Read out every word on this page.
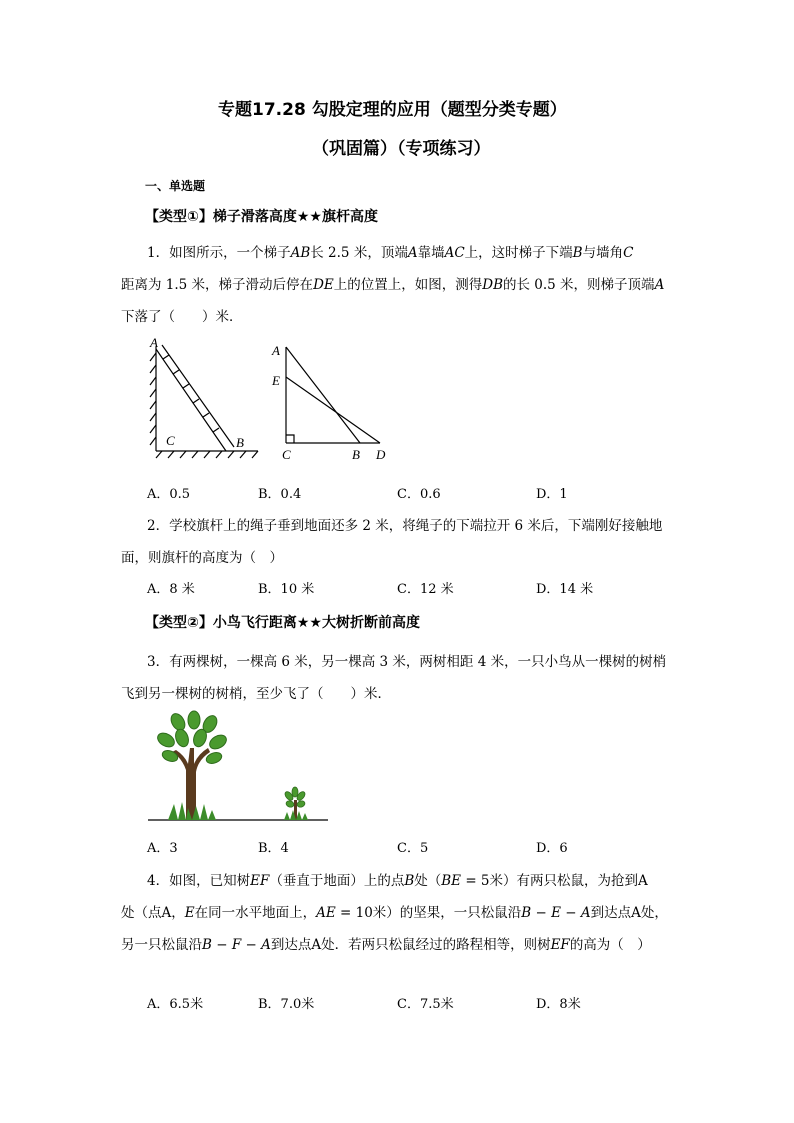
专题17.28 勾股定理的应用（题型分类专题）
（巩固篇）（专项练习）
一、单选题
【类型①】梯子滑落高度★★旗杆高度
1．如图所示，一个梯子AB长 2.5 米，顶端A靠墙AC上，这时梯子下端B与墙角C
距离为 1.5 米，梯子滑动后停在DE上的位置上，如图，测得DB的长 0.5 米，则梯子顶端A
下落了（　　）米．
A
C	B
A
E
C	B D
A．0.5	B．0.4	C．0.6	D．1
2．学校旗杆上的绳子垂到地面还多 2 米，将绳子的下端拉开 6 米后，下端刚好接触地
面，则旗杆的高度为（　）
A．8 米	B．10 米	C．12 米	D．14 米
【类型②】小鸟飞行距离★★大树折断前高度
3．有两棵树，一棵高 6 米，另一棵高 3 米，两树相距 4 米，一只小鸟从一棵树的树梢
飞到另一棵树的树梢，至少飞了（　　）米．
A．3	B．4	C．5	D．6
4．如图，已知树EF（垂直于地面）上的点B处（BE = 5米）有两只松鼠，为抢到A
处（点A，E在同一水平地面上，AE = 10米）的坚果，一只松鼠沿B − E − A到达点A处，
另一只松鼠沿B − F − A到达点A处．若两只松鼠经过的路程相等，则树EF的高为（　）
A．6.5米	B．7.0米	C．7.5米	D．8米
